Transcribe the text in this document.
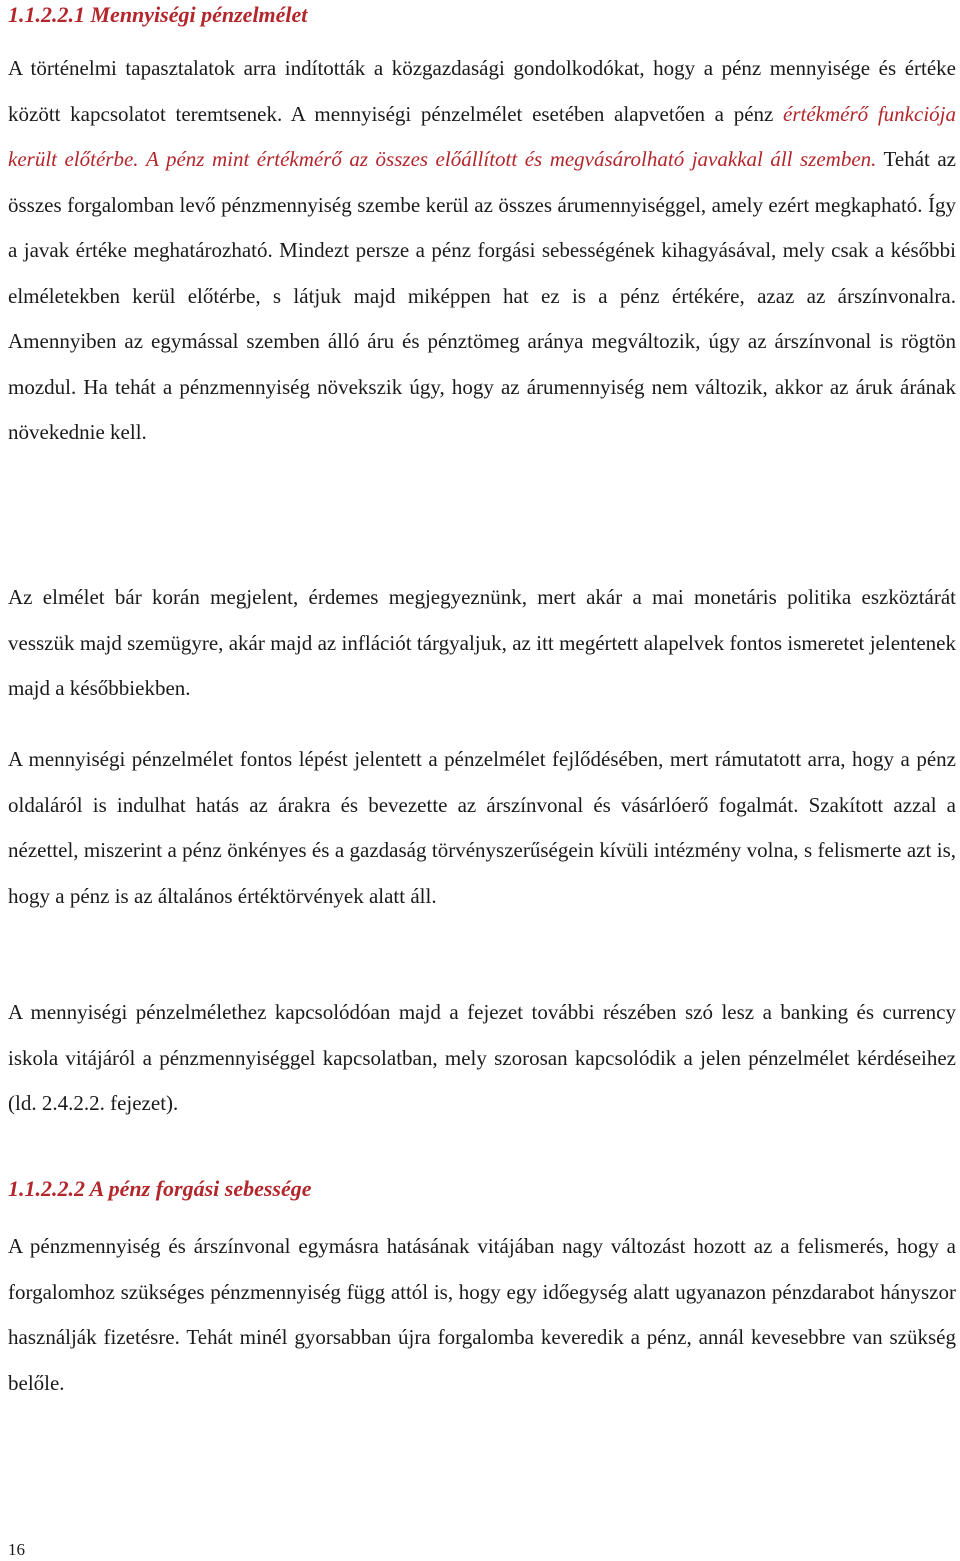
1.1.2.2.1 Mennyiségi pénzelmélet

A történelmi tapasztalatok arra indították a közgazdasági gondolkodókat, hogy a pénz mennyisége és értéke között kapcsolatot teremtsenek. A mennyiségi pénzelmélet esetében alapvetően a pénz értékmérő funkciója került előtérbe. A pénz mint értékmérő az összes előállított és megvásárolható javakkal áll szemben. Tehát az összes forgalomban levő pénzmennyiség szembe kerül az összes árumennyiséggel, amely ezért megkapható. Így a javak értéke meghatározható. Mindezt persze a pénz forgási sebességének kihagyásával, mely csak a későbbi elméletekben kerül előtérbe, s látjuk majd miképpen hat ez is a pénz értékére, azaz az árszínvonalra. Amennyiben az egymással szemben álló áru és pénztömeg aránya megváltozik, úgy az árszínvonal is rögtön mozdul. Ha tehát a pénzmennyiség növekszik úgy, hogy az árumennyiség nem változik, akkor az áruk árának növekednie kell.

Az elmélet bár korán megjelent, érdemes megjegyeznünk, mert akár a mai monetáris politika eszköztárát vesszük majd szemügyre, akár majd az inflációt tárgyaljuk, az itt megértett alapelvek fontos ismeretet jelentenek majd a későbbiekben.

A mennyiségi pénzelmélet fontos lépést jelentett a pénzelmélet fejlődésében, mert rámutatott arra, hogy a pénz oldaláról is indulhat hatás az árakra és bevezette az árszínvonal és vásárlóerő fogalmát. Szakított azzal a nézettel, miszerint a pénz önkényes és a gazdaság törvényszerűségein kívüli intézmény volna, s felismerte azt is, hogy a pénz is az általános értéktörvények alatt áll.

A mennyiségi pénzelmélethez kapcsolódóan majd a fejezet további részében szó lesz a banking és currency iskola vitájáról a pénzmennyiséggel kapcsolatban, mely szorosan kapcsolódik a jelen pénzelmélet kérdéseihez (ld. 2.4.2.2. fejezet).

1.1.2.2.2 A pénz forgási sebessége

A pénzmennyiség és árszínvonal egymásra hatásának vitájában nagy változást hozott az a felismerés, hogy a forgalomhoz szükséges pénzmennyiség függ attól is, hogy egy időegység alatt ugyanazon pénzdarabot hányszor használják fizetésre. Tehát minél gyorsabban újra forgalomba keveredik a pénz, annál kevesebbre van szükség belőle.

16
